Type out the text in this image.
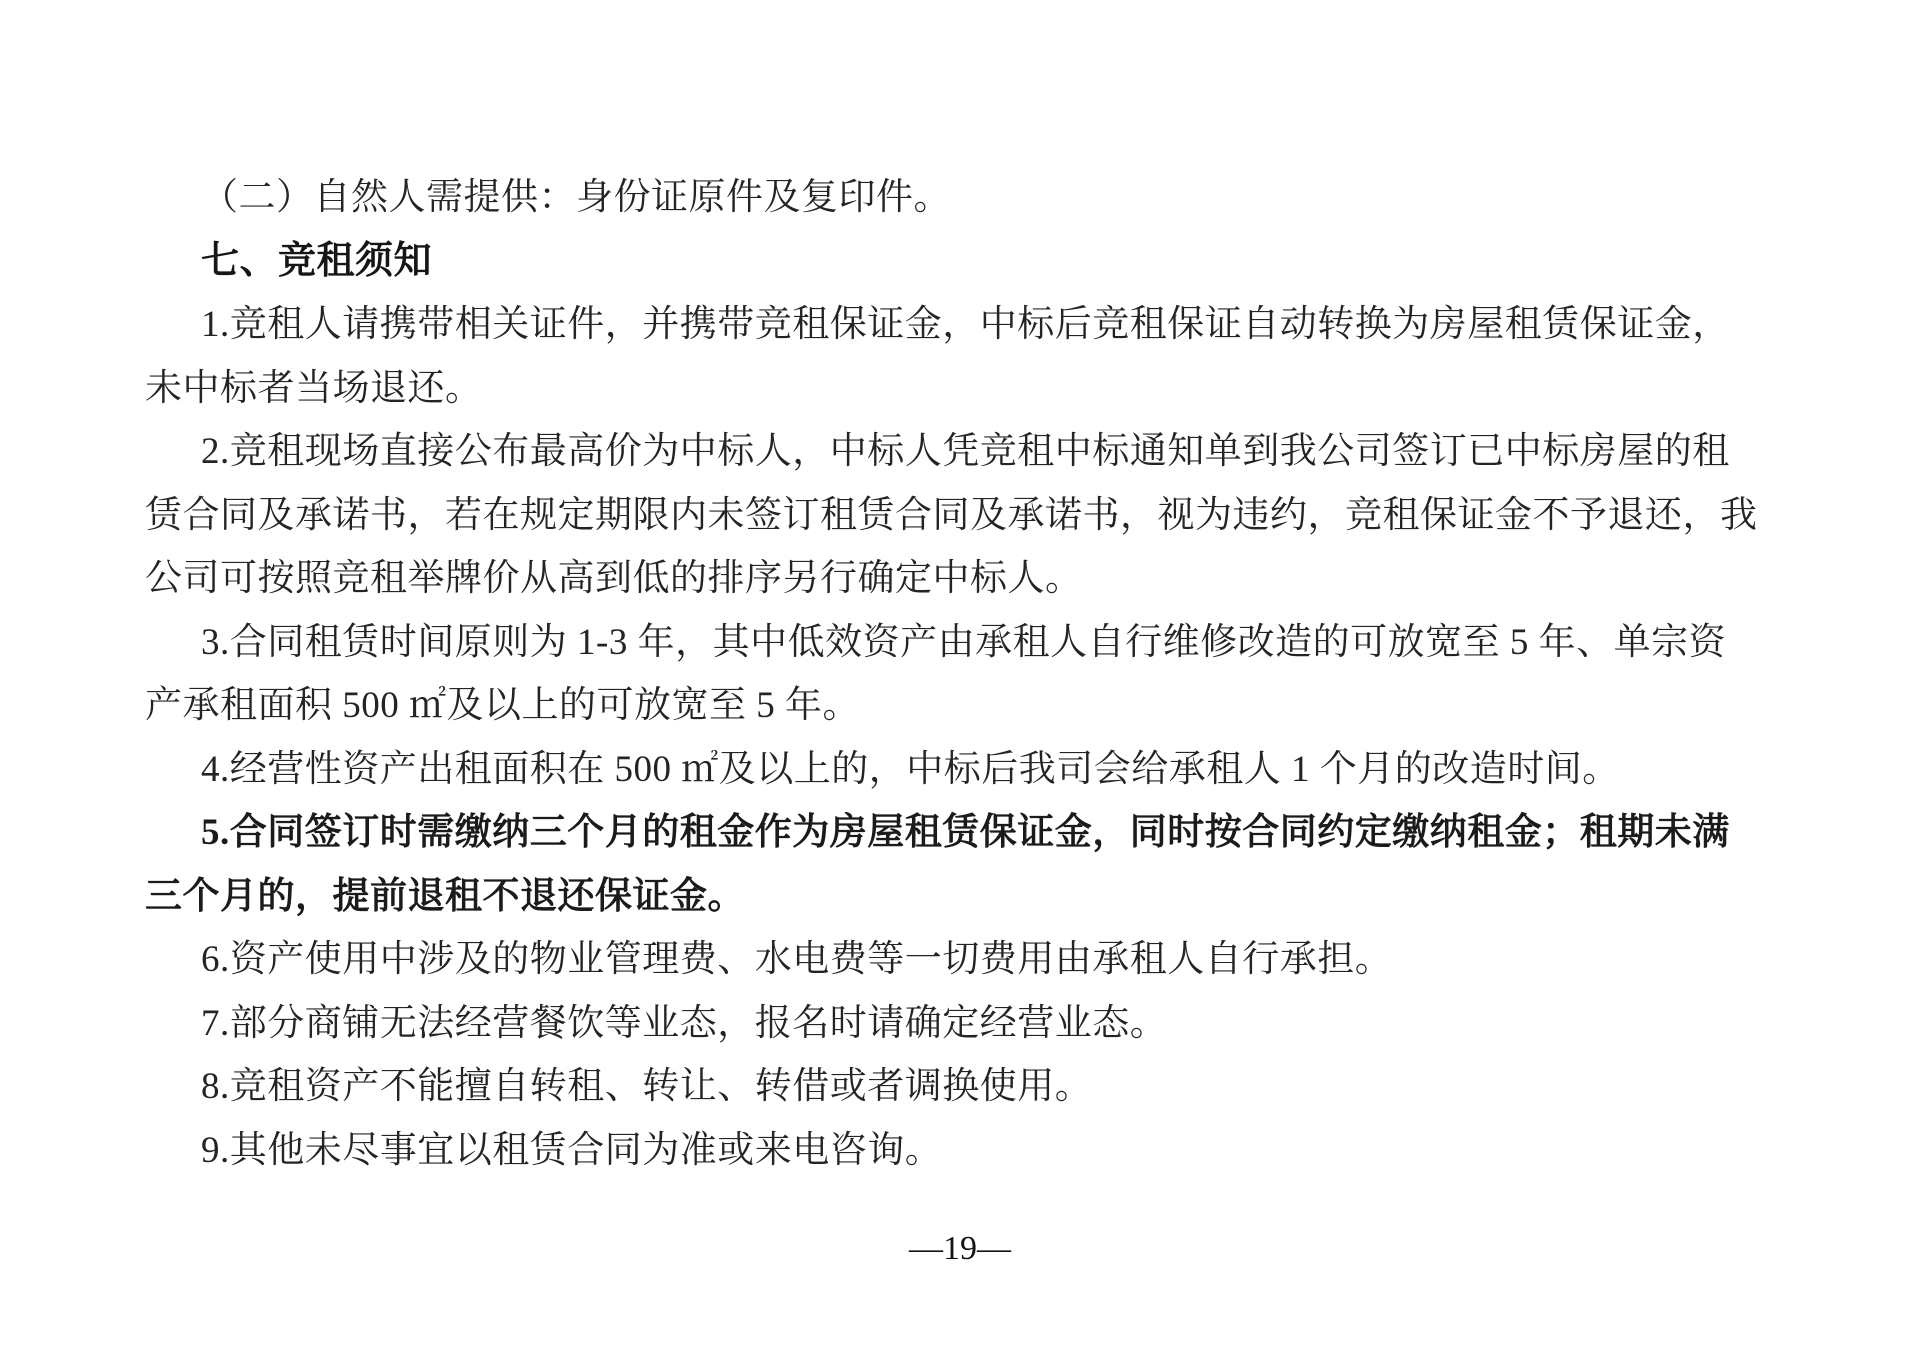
（二）自然人需提供：身份证原件及复印件。
七、竞租须知
1.竞租人请携带相关证件，并携带竞租保证金，中标后竞租保证自动转换为房屋租赁保证金，
未中标者当场退还。
2.竞租现场直接公布最高价为中标人，中标人凭竞租中标通知单到我公司签订已中标房屋的租
赁合同及承诺书，若在规定期限内未签订租赁合同及承诺书，视为违约，竞租保证金不予退还，我
公司可按照竞租举牌价从高到低的排序另行确定中标人。
3.合同租赁时间原则为 1-3 年，其中低效资产由承租人自行维修改造的可放宽至 5 年、单宗资
产承租面积 500 ㎡及以上的可放宽至 5 年。
4.经营性资产出租面积在 500 ㎡及以上的，中标后我司会给承租人 1 个月的改造时间。
5.合同签订时需缴纳三个月的租金作为房屋租赁保证金，同时按合同约定缴纳租金；租期未满
三个月的，提前退租不退还保证金。
6.资产使用中涉及的物业管理费、水电费等一切费用由承租人自行承担。
7.部分商铺无法经营餐饮等业态，报名时请确定经营业态。
8.竞租资产不能擅自转租、转让、转借或者调换使用。
9.其他未尽事宜以租赁合同为准或来电咨询。
—19—
